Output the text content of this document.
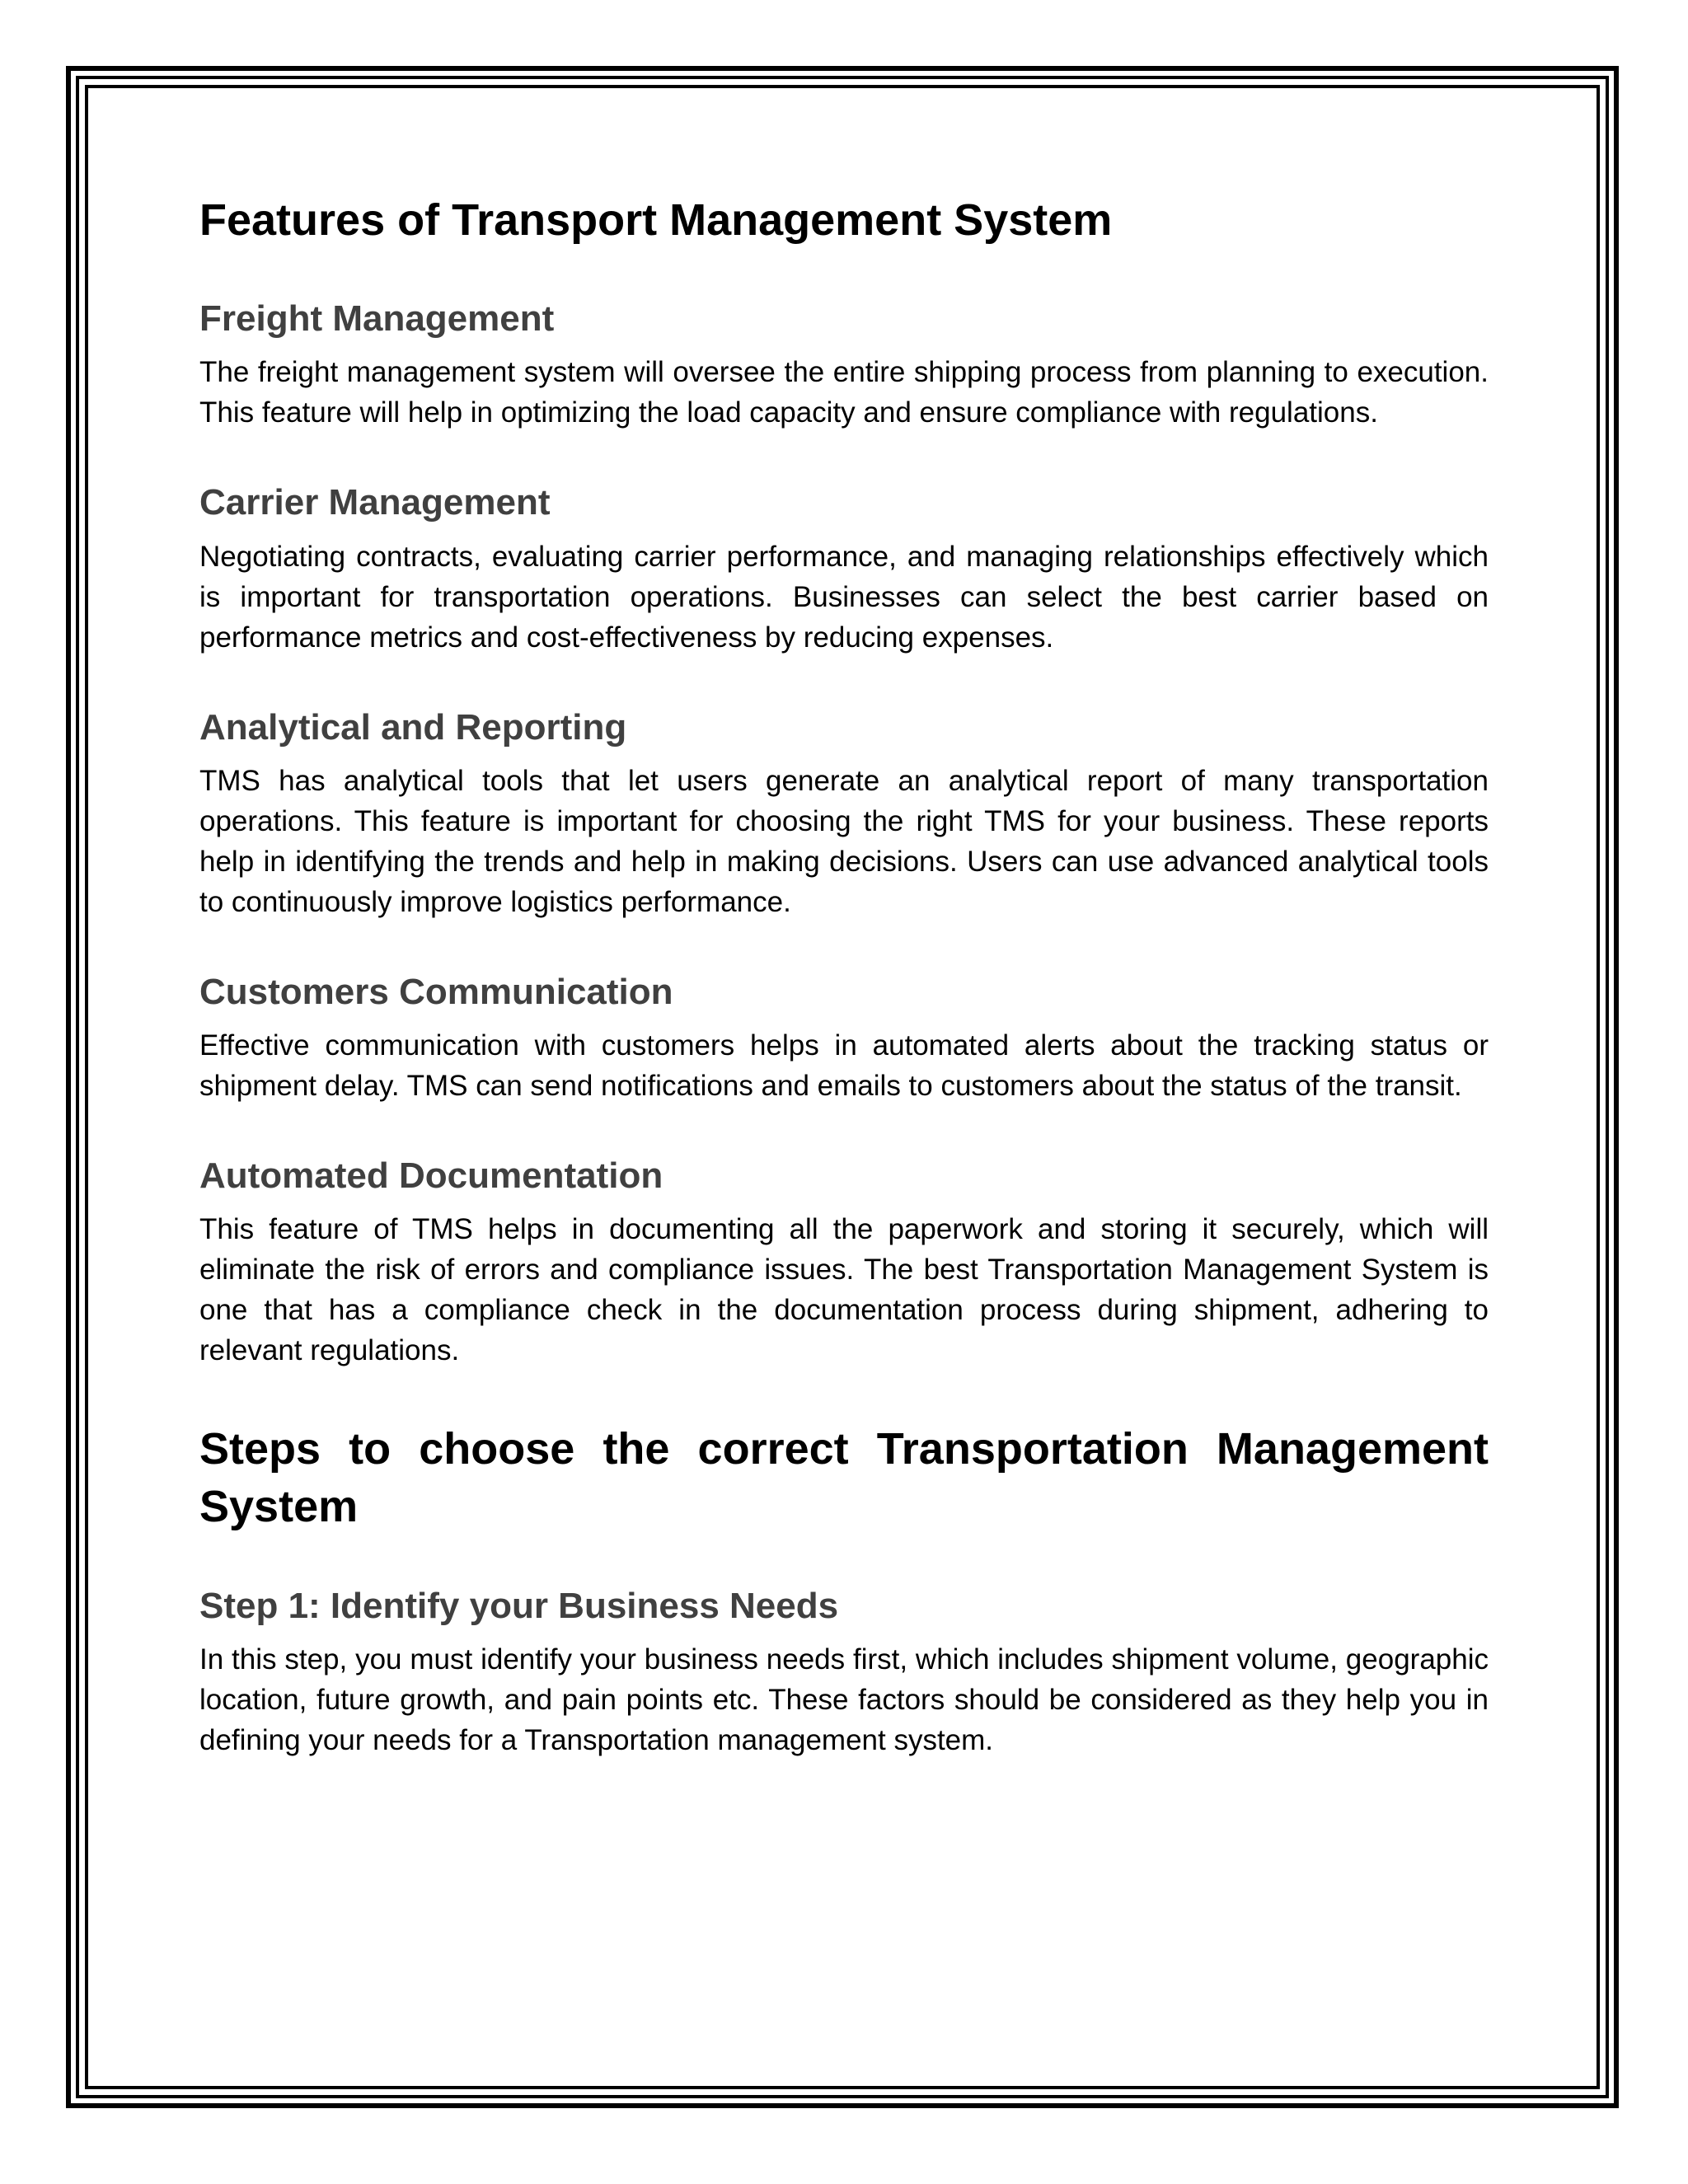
Features of Transport Management System
Freight Management

The freight management system will oversee the entire shipping process from planning to execution. This feature will help in optimizing the load capacity and ensure compliance with regulations.

Carrier Management

Negotiating contracts, evaluating carrier performance, and managing relationships effectively which is important for transportation operations. Businesses can select the best carrier based on performance metrics and cost-effectiveness by reducing expenses.

Analytical and Reporting

TMS has analytical tools that let users generate an analytical report of many transportation operations. This feature is important for choosing the right TMS for your business. These reports help in identifying the trends and help in making decisions. Users can use advanced analytical tools to continuously improve logistics performance.

Customers Communication

Effective communication with customers helps in automated alerts about the tracking status or shipment delay. TMS can send notifications and emails to customers about the status of the transit.

Automated Documentation

This feature of TMS helps in documenting all the paperwork and storing it securely, which will eliminate the risk of errors and compliance issues. The best Transportation Management System is one that has a compliance check in the documentation process during shipment, adhering to relevant regulations.

Steps to choose the correct Transportation Management
System
Step 1: Identify your Business Needs

In this step, you must identify your business needs first, which includes shipment volume, geographic location, future growth, and pain points etc. These factors should be considered as they help you in defining your needs for a Transportation management system.
